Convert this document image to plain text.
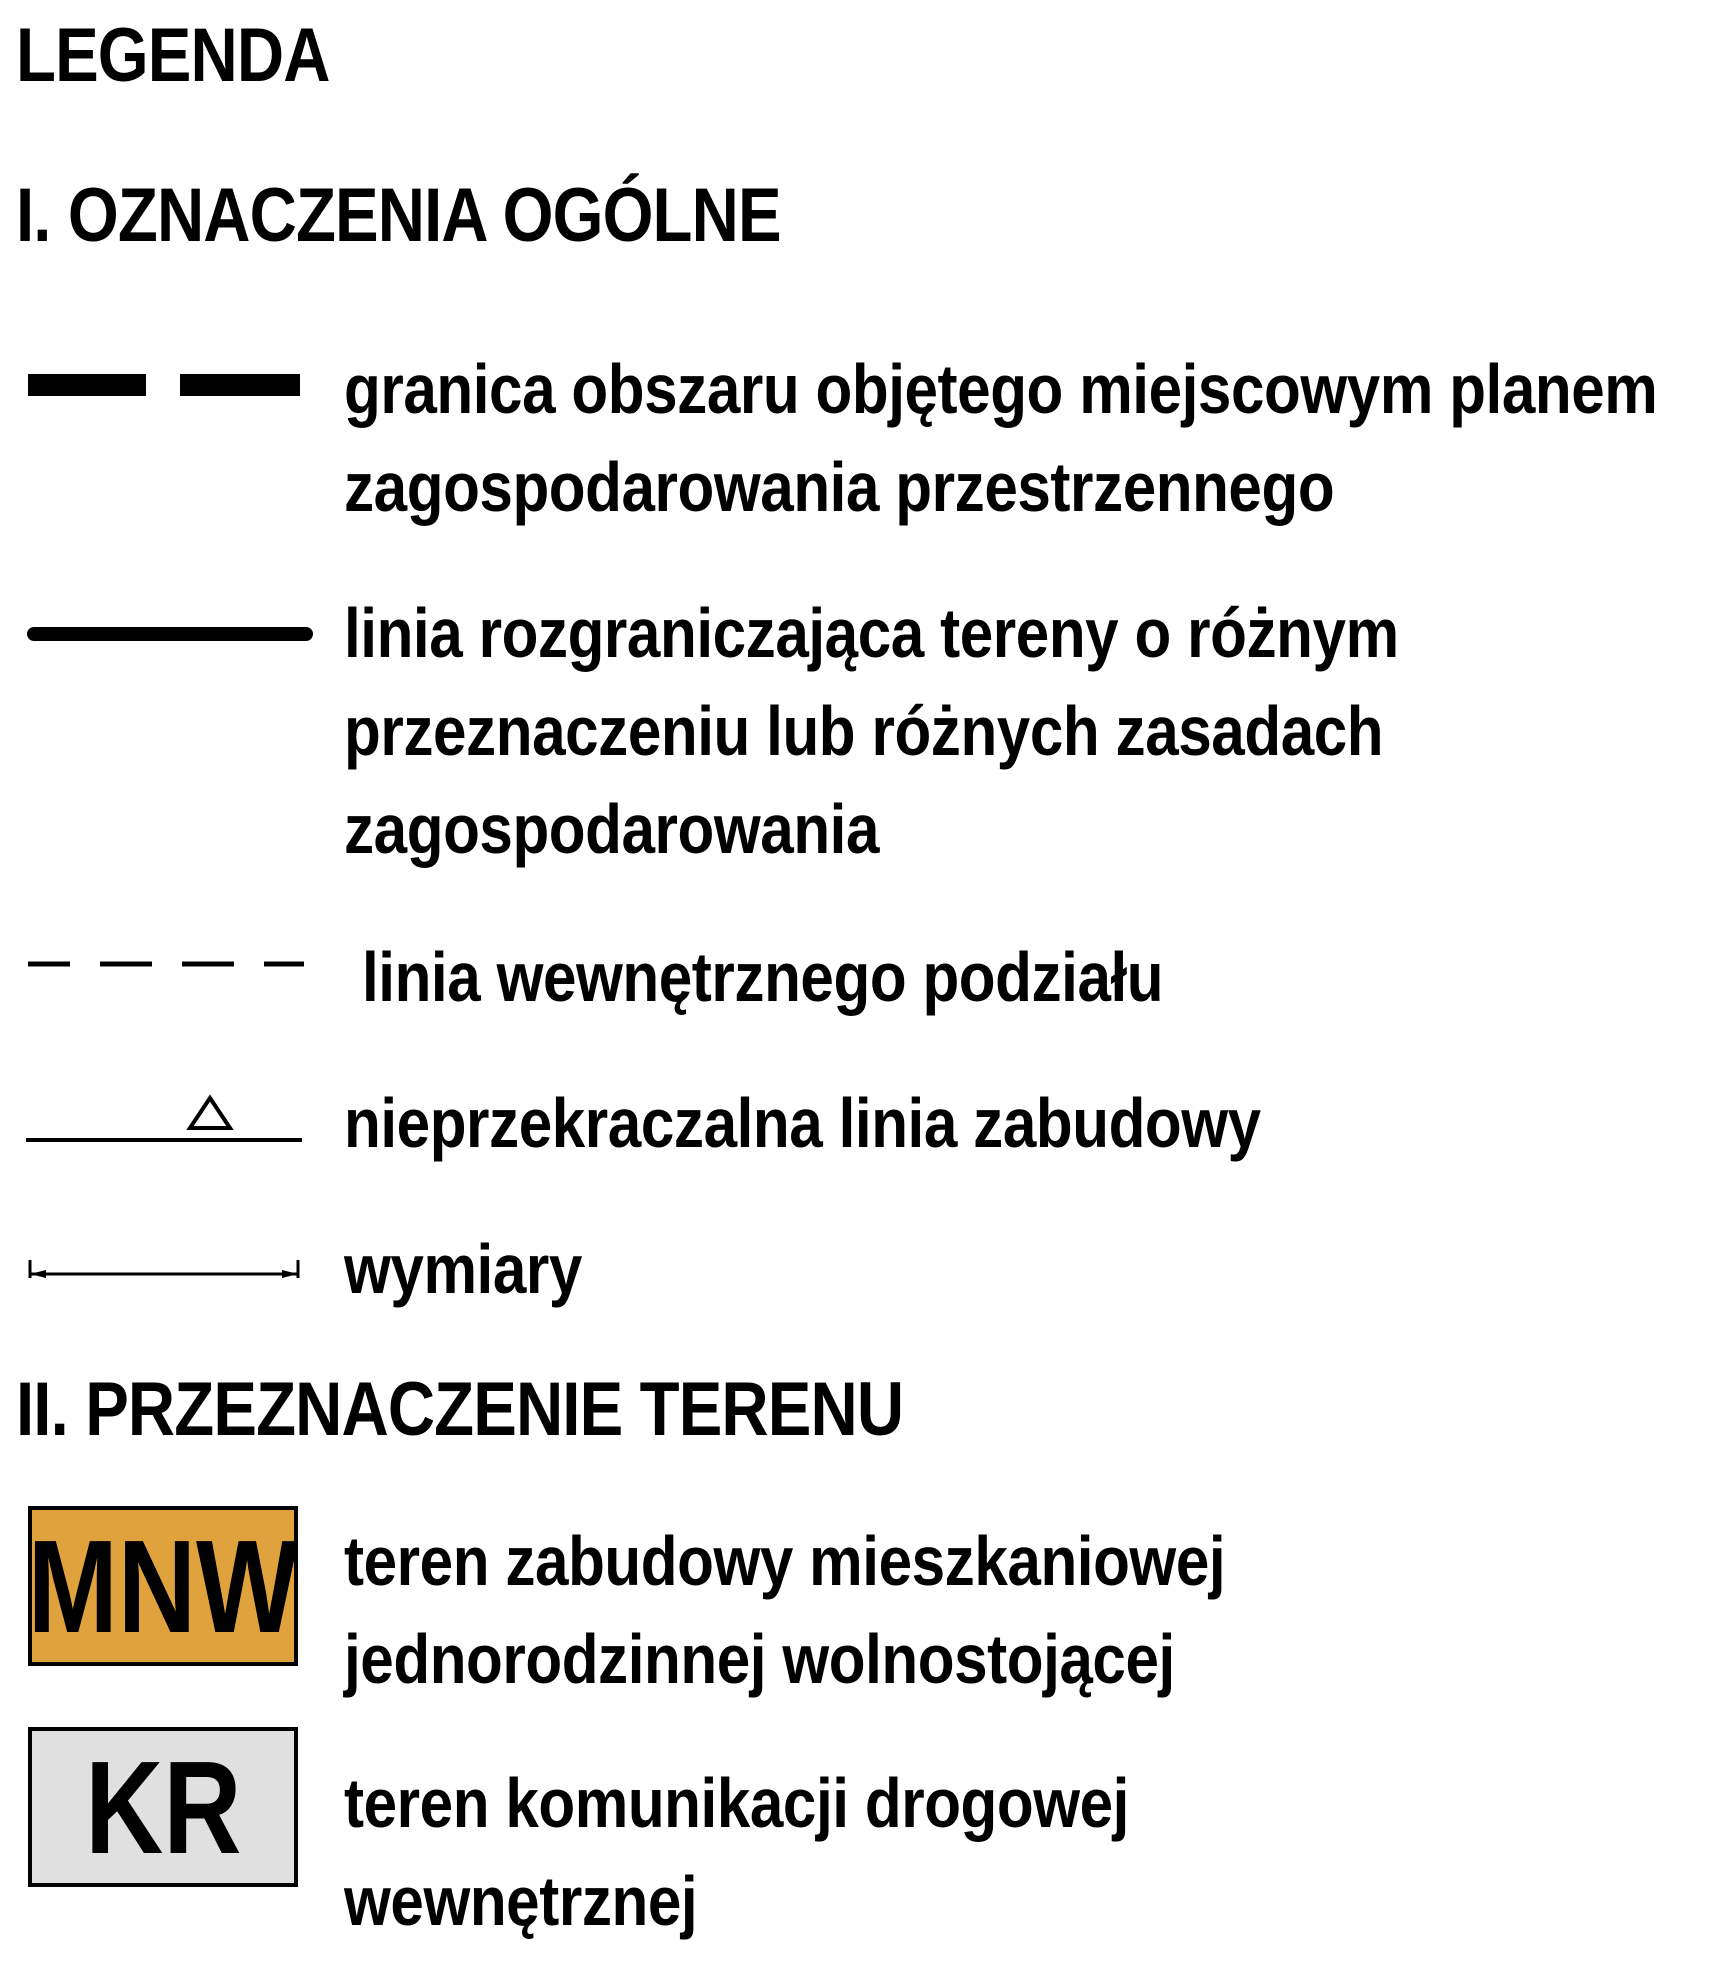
LEGENDA
I. OZNACZENIA OGÓLNE
granica obszaru objętego miejscowym planem
zagospodarowania przestrzennego
linia rozgraniczająca tereny o różnym
przeznaczeniu lub różnych zasadach
zagospodarowania
linia wewnętrznego podziału
nieprzekraczalna linia zabudowy
wymiary
II. PRZEZNACZENIE TERENU
MNW teren zabudowy mieszkaniowej
jednorodzinnej wolnostojącej
KR teren komunikacji drogowej
wewnętrznej
